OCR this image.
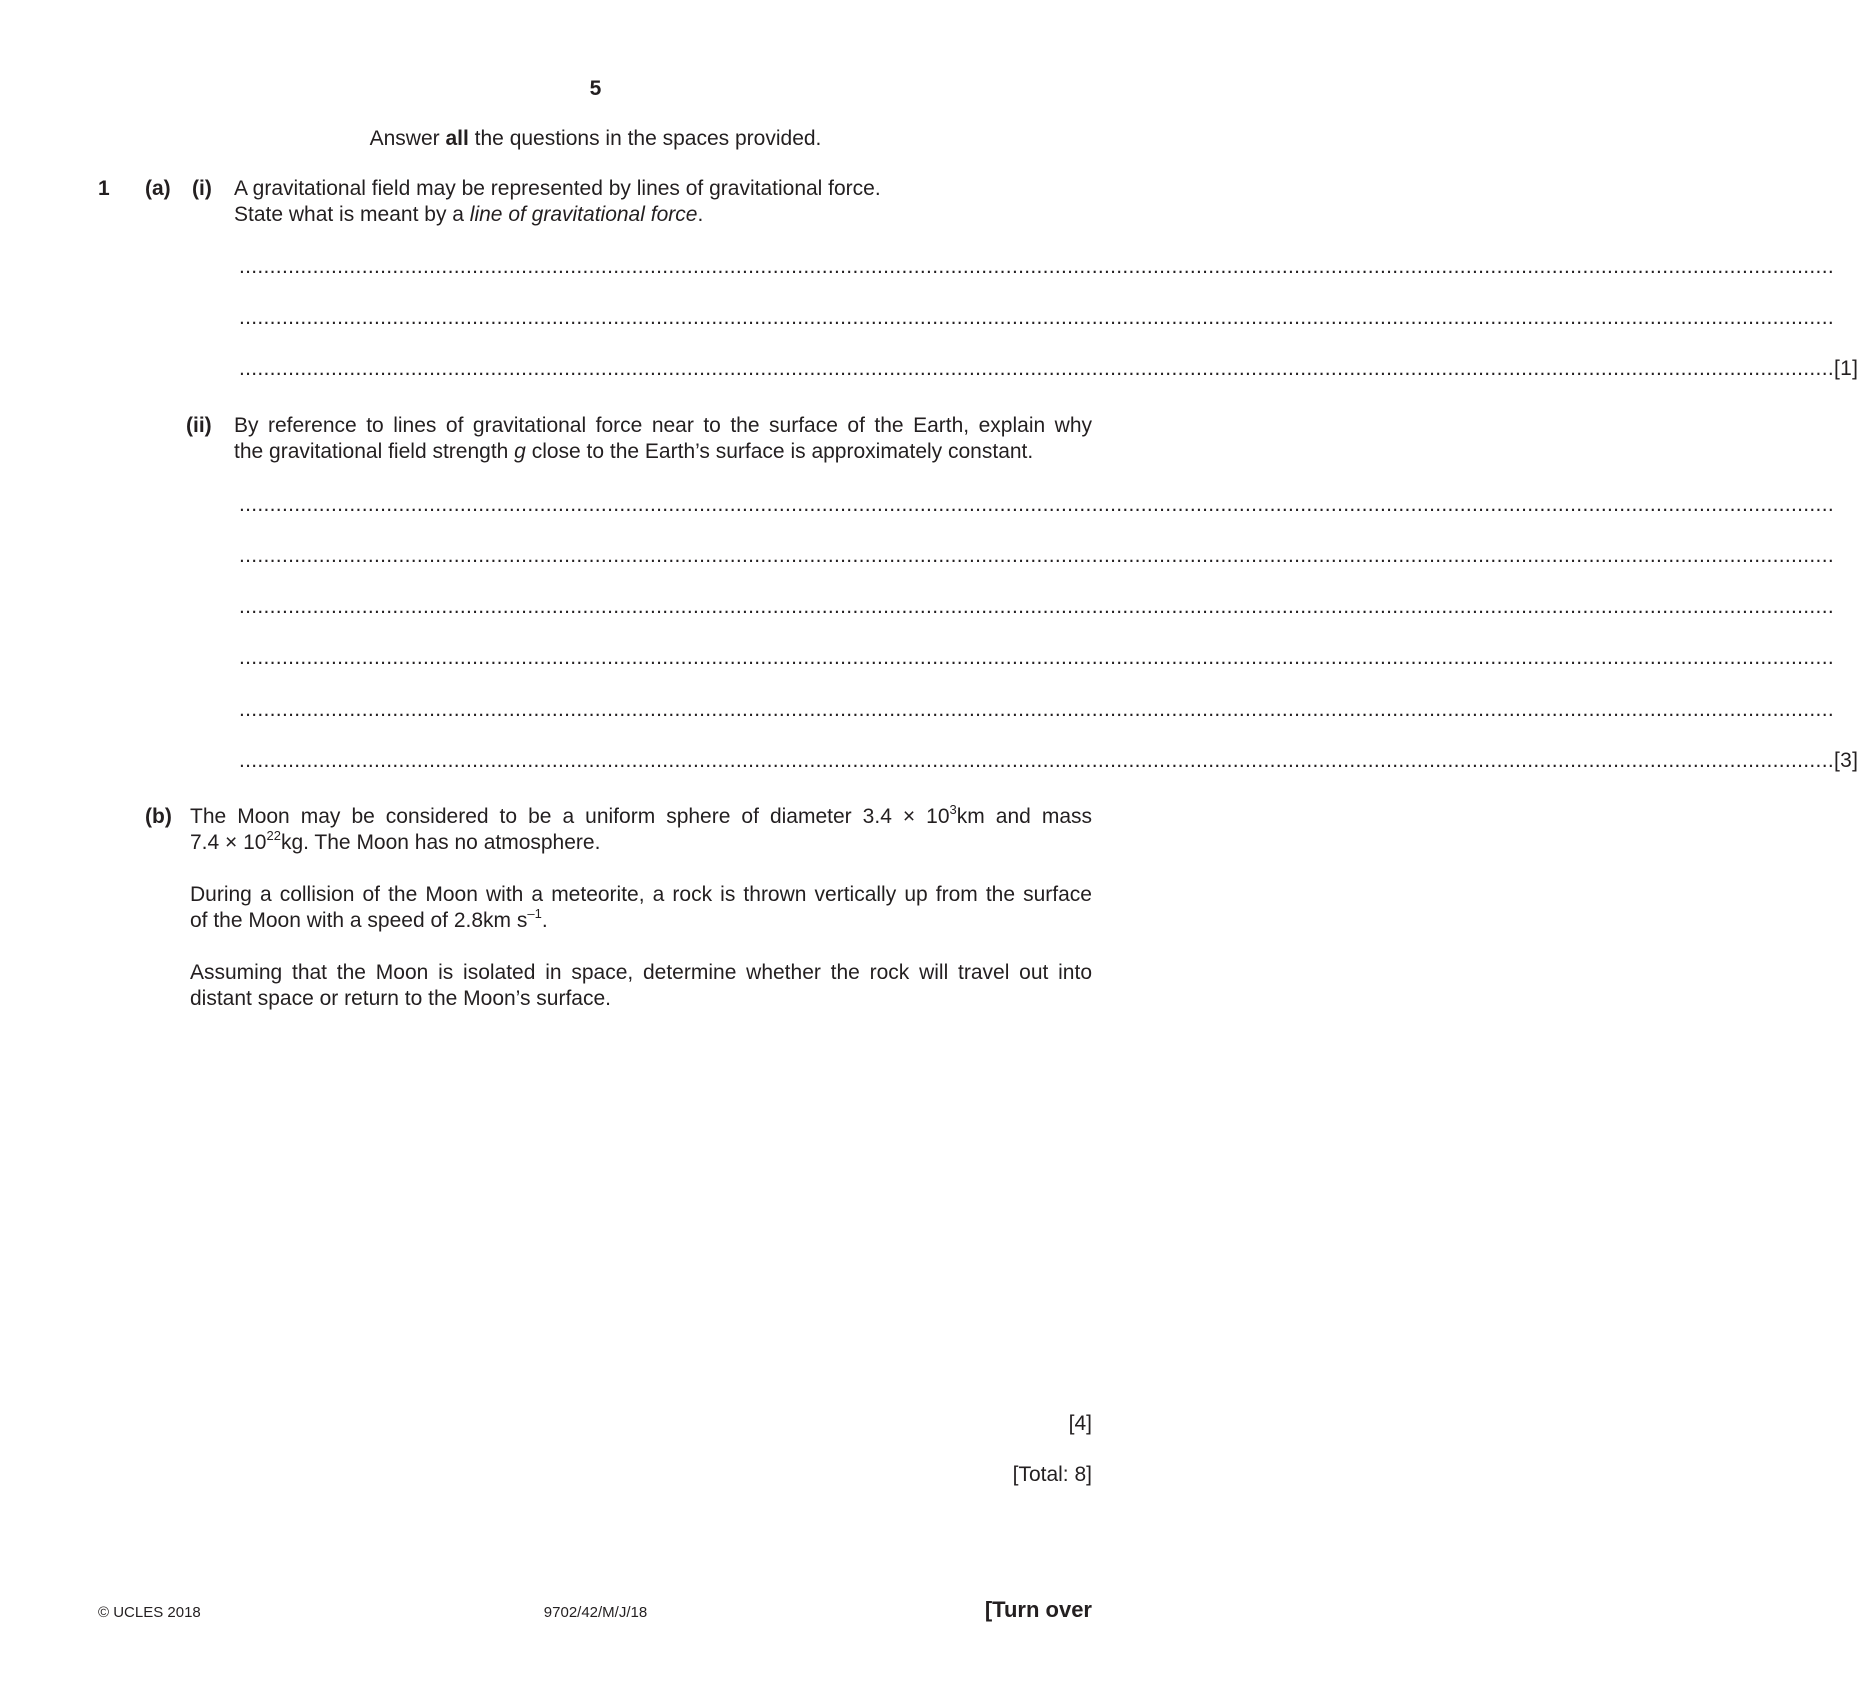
5
Answer all the questions in the spaces provided.
1 (a) (i) A gravitational field may be represented by lines of gravitational force.
State what is meant by a line of gravitational force.
....................................................................................................................................................................................................................................................................
....................................................................................................................................................................................................................................................................
.................................................................................................................................................................................................................................................................... [1]
(ii) By reference to lines of gravitational force near to the surface of the Earth, explain why
the gravitational field strength g close to the Earth’s surface is approximately constant.
....................................................................................................................................................................................................................................................................
....................................................................................................................................................................................................................................................................
....................................................................................................................................................................................................................................................................
....................................................................................................................................................................................................................................................................
....................................................................................................................................................................................................................................................................
.................................................................................................................................................................................................................................................................... [3]
(b) The Moon may be considered to be a uniform sphere of diameter $3.4 \times 10^3km$ and mass
$7.4 \times 10^{22}kg$. The Moon has no atmosphere.
During a collision of the Moon with a meteorite, a rock is thrown vertically up from the surface
of the Moon with a speed of 2.8km $s^{-1}$.
Assuming that the Moon is isolated in space, determine whether the rock will travel out into
distant space or return to the Moon’s surface.
[4]
[Total: 8]
© UCLES 2018	9702/42/M/J/18	[Turn over
